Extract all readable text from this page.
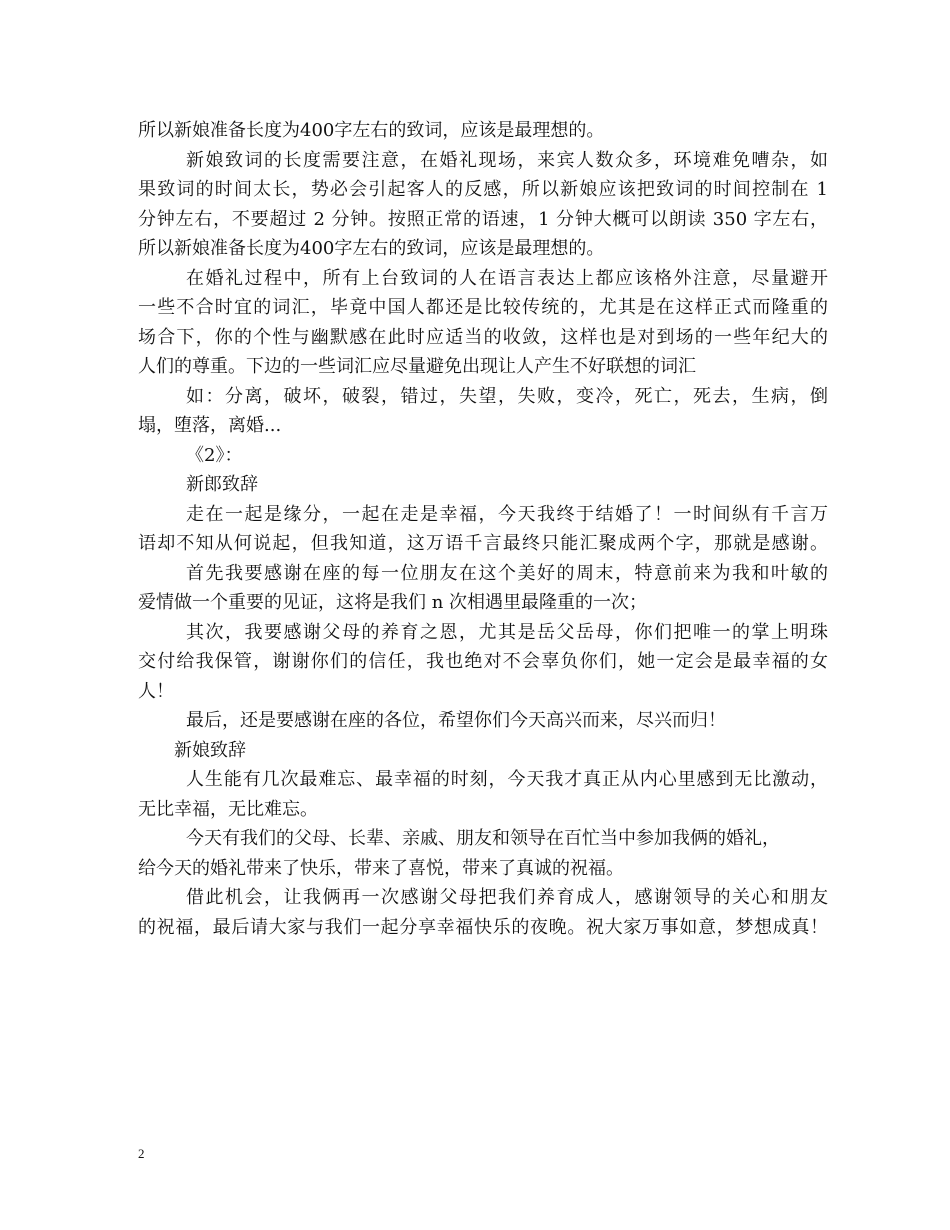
所以新娘准备长度为400字左右的致词，应该是最理想的。
新娘致词的长度需要注意，在婚礼现场，来宾人数众多，环境难免嘈杂，如
果致词的时间太长，势必会引起客人的反感，所以新娘应该把致词的时间控制在 1
分钟左右，不要超过 2 分钟。按照正常的语速，1 分钟大概可以朗读 350 字左右，
所以新娘准备长度为400字左右的致词，应该是最理想的。
在婚礼过程中，所有上台致词的人在语言表达上都应该格外注意，尽量避开
一些不合时宜的词汇，毕竟中国人都还是比较传统的，尤其是在这样正式而隆重的
场合下，你的个性与幽默感在此时应适当的收敛，这样也是对到场的一些年纪大的
人们的尊重。下边的一些词汇应尽量避免出现让人产生不好联想的词汇
如：分离，破坏，破裂，错过，失望，失败，变冷，死亡，死去，生病，倒
塌，堕落，离婚...
《2》：
新郎致辞
走在一起是缘分，一起在走是幸福，今天我终于结婚了！一时间纵有千言万
语却不知从何说起，但我知道，这万语千言最终只能汇聚成两个字，那就是感谢。
首先我要感谢在座的每一位朋友在这个美好的周末，特意前来为我和叶敏的
爱情做一个重要的见证，这将是我们 n 次相遇里最隆重的一次；
其次，我要感谢父母的养育之恩，尤其是岳父岳母，你们把唯一的掌上明珠
交付给我保管，谢谢你们的信任，我也绝对不会辜负你们，她一定会是最幸福的女
人！
最后，还是要感谢在座的各位，希望你们今天高兴而来，尽兴而归！
新娘致辞
人生能有几次最难忘、最幸福的时刻，今天我才真正从内心里感到无比激动，
无比幸福，无比难忘。
今天有我们的父母、长辈、亲戚、朋友和领导在百忙当中参加我俩的婚礼，
给今天的婚礼带来了快乐，带来了喜悦，带来了真诚的祝福。
借此机会，让我俩再一次感谢父母把我们养育成人，感谢领导的关心和朋友
的祝福，最后请大家与我们一起分享幸福快乐的夜晚。祝大家万事如意，梦想成真！
2
